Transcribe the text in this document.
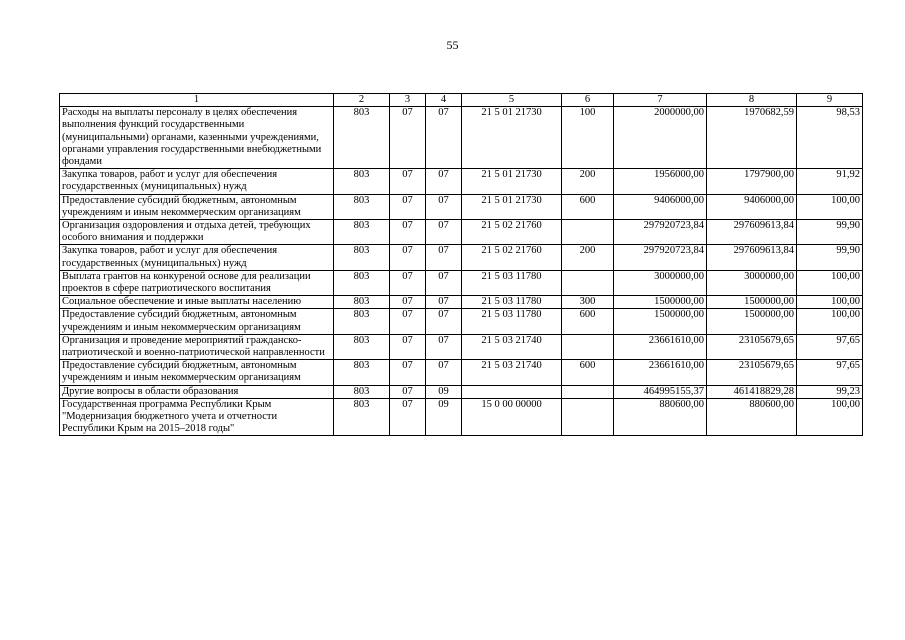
55
1	2	3	4	5	6	7	8	9
Расходы на выплаты персоналу в целях обеспечения выполнения функций государственными (муниципальными) органами, казенными учреждениями, органами управления государственными внебюджетными фондами	803	07	07	21 5 01 21730	100	2000000,00	1970682,59	98,53
Закупка товаров, работ и услуг для обеспечения государственных (муниципальных) нужд	803	07	07	21 5 01 21730	200	1956000,00	1797900,00	91,92
Предоставление субсидий бюджетным, автономным учреждениям и иным некоммерческим организациям	803	07	07	21 5 01 21730	600	9406000,00	9406000,00	100,00
Организация оздоровления и отдыха детей, требующих особого внимания и поддержки	803	07	07	21 5 02 21760		297920723,84	297609613,84	99,90
Закупка товаров, работ и услуг для обеспечения государственных (муниципальных) нужд	803	07	07	21 5 02 21760	200	297920723,84	297609613,84	99,90
Выплата грантов на конкуреной основе для реализации проектов в сфере патриотического воспитания	803	07	07	21 5 03 11780		3000000,00	3000000,00	100,00
Социальное обеспечение и иные выплаты населению	803	07	07	21 5 03 11780	300	1500000,00	1500000,00	100,00
Предоставление субсидий бюджетным, автономным учреждениям и иным некоммерческим организациям	803	07	07	21 5 03 11780	600	1500000,00	1500000,00	100,00
Организация и проведение мероприятий гражданско-патриотической и военно-патриотической направленности	803	07	07	21 5 03 21740		23661610,00	23105679,65	97,65
Предоставление субсидий бюджетным, автономным учреждениям и иным некоммерческим организациям	803	07	07	21 5 03 21740	600	23661610,00	23105679,65	97,65
Другие вопросы в области образования	803	07	09			464995155,37	461418829,28	99,23
Государственная программа Республики Крым "Модернизация бюджетного учета и отчетности Республики Крым на 2015–2018 годы"	803	07	09	15 0 00 00000		880600,00	880600,00	100,00
